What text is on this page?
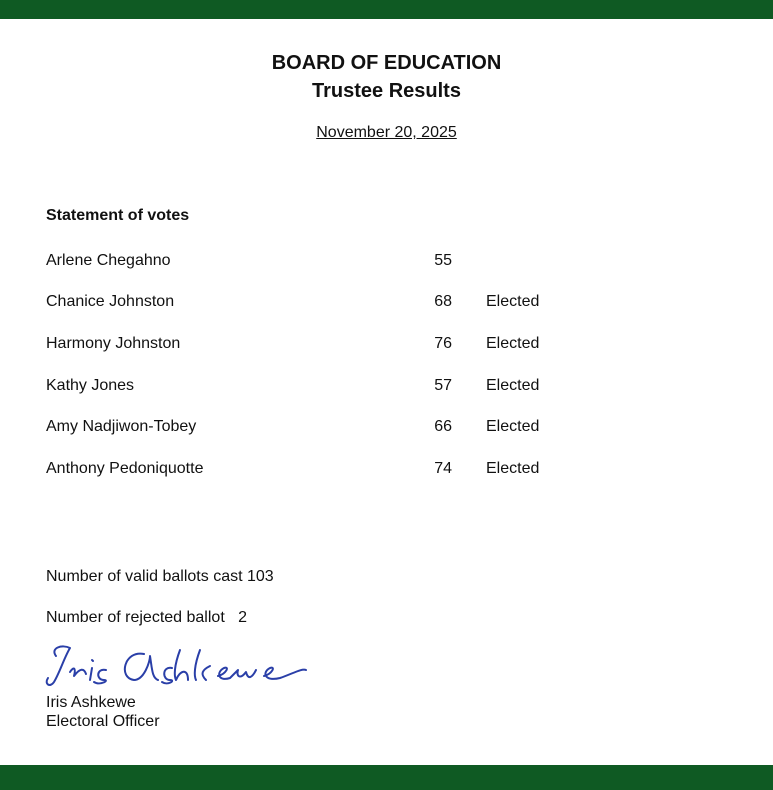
BOARD OF EDUCATION
Trustee Results
November 20, 2025
Statement of votes
Arlene Chegahno	55
Chanice Johnston	68 Elected
Harmony Johnston	76 Elected
Kathy Jones	57 Elected
Amy Nadjiwon-Tobey	66 Elected
Anthony Pedoniquotte	74 Elected
Number of valid ballots cast 103
Number of rejected ballot   2
Iris Ashkewe
Electoral Officer
